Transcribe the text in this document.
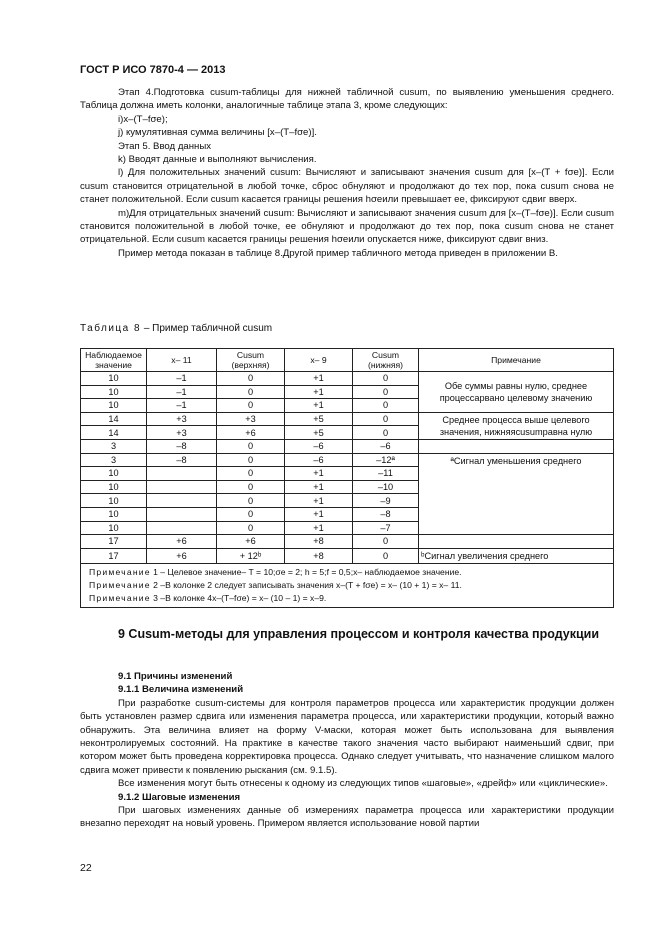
ГОСТ Р ИСО 7870-4 — 2013

Этап 4.Подготовка cusum-таблицы для нижней табличной cusum, по выявлению уменьшения среднего. Таблица должна иметь колонки, аналогичные таблице этапа 3, кроме следующих:

i)x–(T–fσe);

j) кумулятивная сумма величины [x–(T–fσe)].

Этап 5. Ввод данных

k) Вводят данные и выполняют вычисления.

l) Для положительных значений cusum: Вычисляют и записывают значения cusum для [x–(T + fσe)]. Если cusum становится отрицательной в любой точке, сброс обнуляют и продолжают до тех пор, пока cusum снова не станет положительной. Если cusum касается границы решения hσeили превышает ее, фиксируют сдвиг вверх.

m)Для отрицательных значений cusum: Вычисляют и записывают значения cusum для [x–(T–fσe)]. Если cusum становится положительной в любой точке, ее обнуляют и продолжают до тех пор, пока cusum снова не станет отрицательной. Если cusum касается границы решения hσeили опускается ниже, фиксируют сдвиг вниз.

Пример метода показан в таблице 8.Другой пример табличного метода приведен в приложении В.

Таблица 8 – Пример табличной cusum
Наблюдаемое значение	x– 11	Cusum (верхняя)	x– 9	Cusum (нижняя)	Примечание
10	–1	0	+1	0	Обе суммы равны нулю, среднее процессарвано целевому значению
10	–1	0	+1	0	
10	–1	0	+1	0	
14	+3	+3	+5	0	Среднее процесса выше целевого значения, нижняяcusumравна нулю
14	+3	+6	+5	0	
3	–8	0	–6	–6	
3	–8	0	–6	–12ª	ªСигнал уменьшения среднего
10		0	+1	–11	
10		0	+1	–10	
10		0	+1	–9	
10		0	+1	–8	
10		0	+1	–7	
17	+6	+6	+8	0	
17	+6	+ 12ᵇ	+8	0	ᵇСигнал увеличения среднего

Примечание 1 – Целевое значение– T = 10;σe = 2; h = 5;f = 0,5;x– наблюдаемое значение.
Примечание 2 –В колонке 2 следует записывать значения x–(T + fσe) = x– (10 + 1) = x– 11.
Примечание 3 –В колонке 4x–(T–fσe) = x– (10 – 1) = x–9.					
9 Cusum-методы для управления процессом и контроля качества продукции

9.1 Причины изменений

9.1.1 Величина изменений

При разработке cusum-системы для контроля параметров процесса или характеристик продукции должен быть установлен размер сдвига или изменения параметра процесса, или характеристики продукции, который важно обнаружить. Эта величина влияет на форму V-маски, которая может быть использована для выявления неконтролируемых состояний. На практике в качестве такого значения часто выбирают наименьший сдвиг, при котором может быть проведена корректировка процесса. Однако следует учитывать, что назначение слишком малого сдвига может привести к появлению рыскания (см. 9.1.5).

Все изменения могут быть отнесены к одному из следующих типов «шаговые», «дрейф» или «циклические».

9.1.2 Шаговые изменения

При шаговых изменениях данные об измерениях параметра процесса или характеристики продукции внезапно переходят на новый уровень. Примером является использование новой партии

22
